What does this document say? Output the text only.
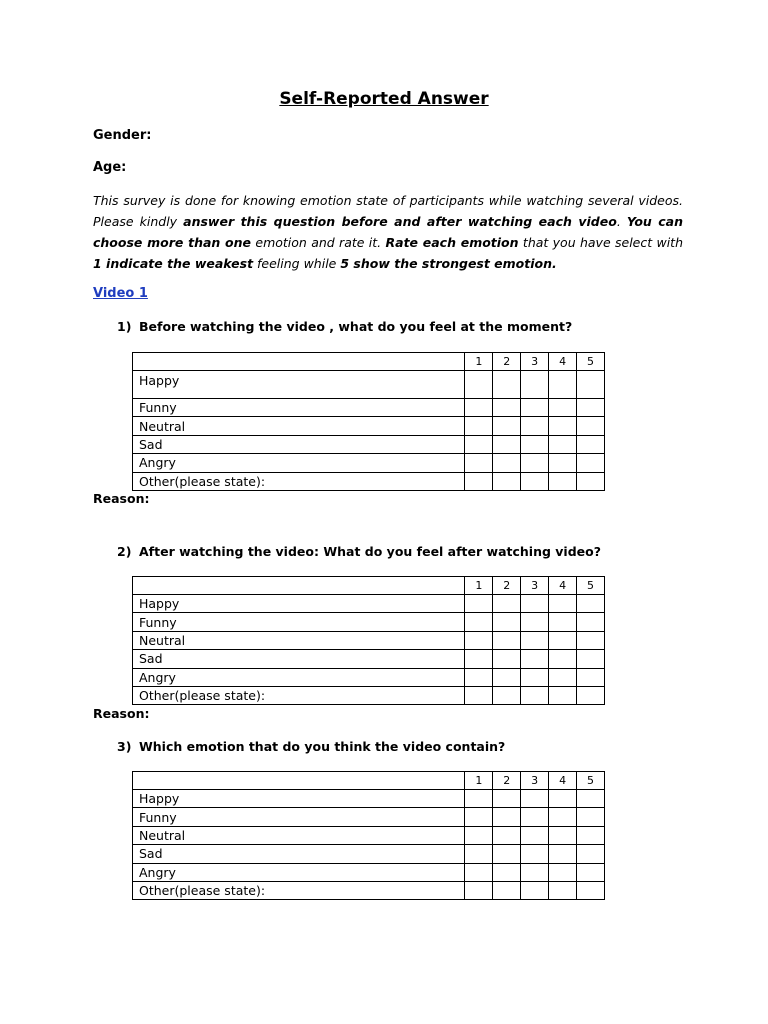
Self-Reported Answer
Gender:
Age:
This survey is done for knowing emotion state of participants while watching several videos. Please kindly answer this question before and after watching each video. You can choose more than one emotion and rate it. Rate each emotion that you have select with 1 indicate the weakest feeling while 5 show the strongest emotion.
Video 1
1) Before watching the video , what do you feel at the moment?
	1	2	3	4	5
Happy					
Funny					
Neutral					
Sad					
Angry					
Other(please state):					
Reason:
2) After watching the video: What do you feel after watching video?
	1	2	3	4	5
Happy					
Funny					
Neutral					
Sad					
Angry					
Other(please state):					
Reason:
3) Which emotion that do you think the video contain?
	1	2	3	4	5
Happy					
Funny					
Neutral					
Sad					
Angry					
Other(please state):					
